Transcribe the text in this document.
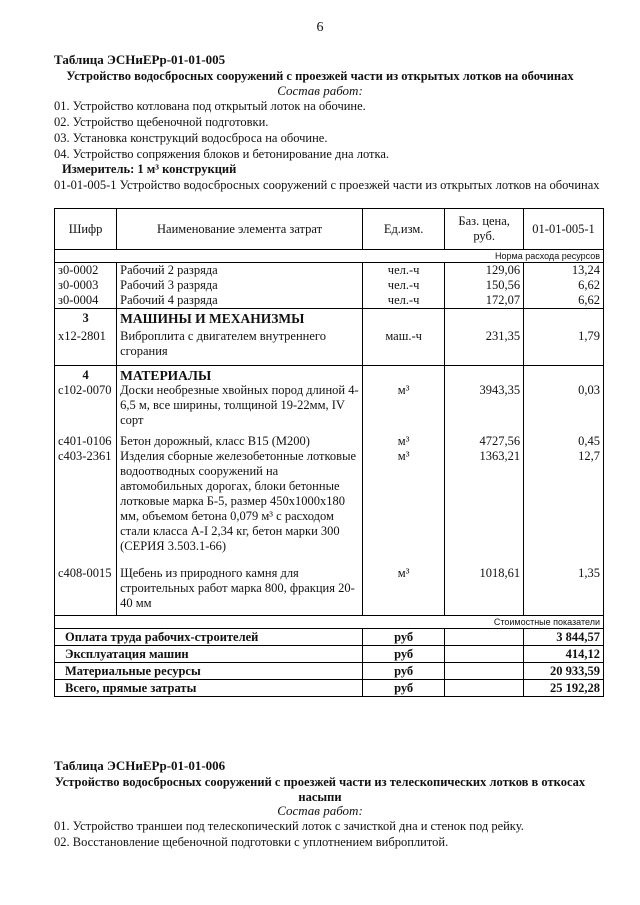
6
Таблица ЭСНиЕРр-01-01-005
Устройство водосбросных сооружений с проезжей части из открытых лотков на обочинах
Состав работ:
01. Устройство котлована под открытый лоток на обочине.
02. Устройство щебеночной подготовки.
03. Установка конструкций водосброса на обочине.
04. Устройство сопряжения блоков и бетонирование дна лотка.
Измеритель: 1 м³ конструкций
01-01-005-1 Устройство водосбросных сооружений с проезжей части из открытых лотков на обочинах
Шифр	Наименование элемента затрат	Ед.изм.	Баз. цена, руб.	01-01-005-1
Норма расхода ресурсов				
з0-0002	Рабочий 2 разряда	чел.-ч	129,06	13,24
з0-0003	Рабочий 3 разряда	чел.-ч	150,56	6,62
з0-0004	Рабочий 4 разряда	чел.-ч	172,07	6,62
3	МАШИНЫ И МЕХАНИЗМЫ			
х12-2801	Виброплита с двигателем внутреннего сгорания	маш.-ч	231,35	1,79
4	МАТЕРИАЛЫ			
с102-0070	Доски необрезные хвойных пород длиной 4-6,5 м, все ширины, толщиной 19-22мм, IV сорт	м³	3943,35	0,03
с401-0106	Бетон дорожный, класс В15 (М200)	м³	4727,56	0,45
с403-2361	Изделия сборные железобетонные лотковые водоотводных сооружений на автомобильных дорогах, блоки бетонные лотковые марка Б-5, размер 450х1000х180 мм, объемом бетона 0,079 м³ с расходом стали класса А-I 2,34 кг, бетон марки 300 (СЕРИЯ 3.503.1-66)	м³	1363,21	12,7
с408-0015	Щебень из природного камня для строительных работ марка 800, фракция 20-40 мм	м³	1018,61	1,35
Стоимостные показатели				
Оплата труда рабочих-строителей		руб		3 844,57
Эксплуатация машин		руб		414,12
Материальные ресурсы		руб		20 933,59
Всего, прямые затраты		руб		25 192,28
Таблица ЭСНиЕРр-01-01-006
Устройство водосбросных сооружений с проезжей части из телескопических лотков в откосах насыпи
Состав работ:
01. Устройство траншеи под телескопический лоток с зачисткой дна и стенок под рейку.
02. Восстановление щебеночной подготовки с уплотнением виброплитой.
